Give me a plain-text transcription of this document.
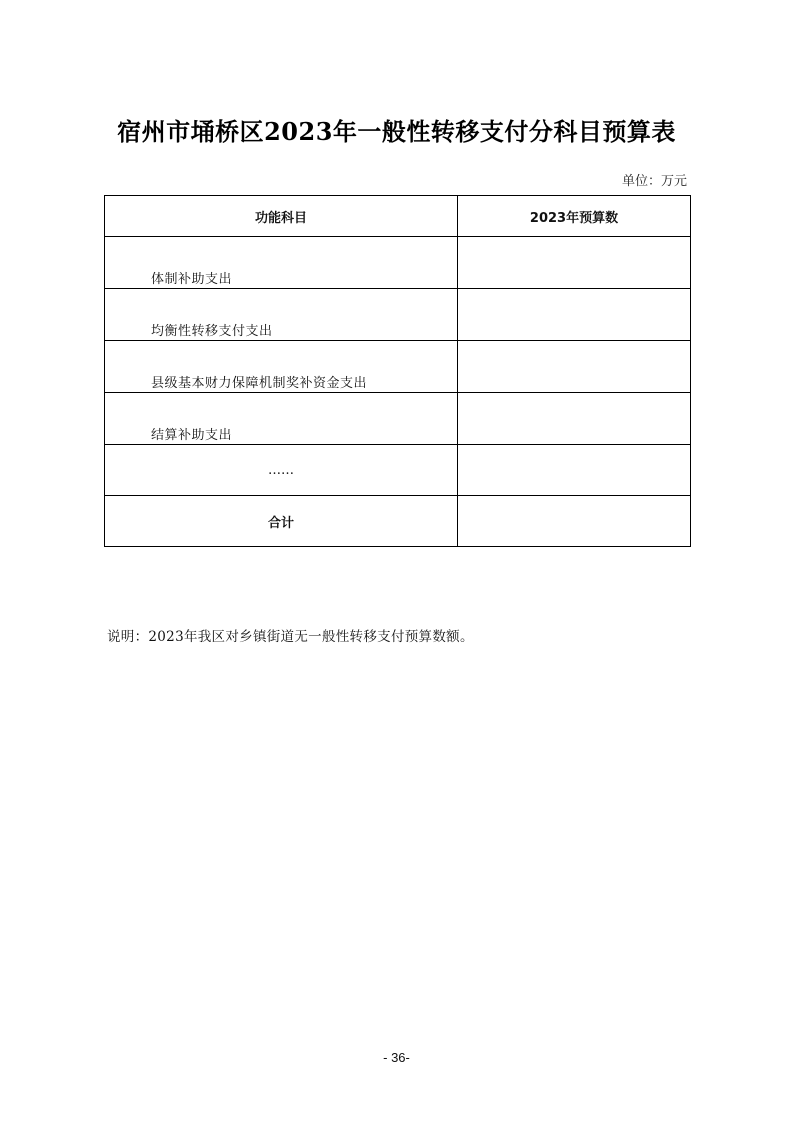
宿州市埇桥区2023年一般性转移支付分科目预算表
单位：万元
功能科目	2023年预算数
体制补助支出	
均衡性转移支付支出	
县级基本财力保障机制奖补资金支出	
结算补助支出	
……	
合计	
说明：2023年我区对乡镇街道无一般性转移支付预算数额。
- 36-
